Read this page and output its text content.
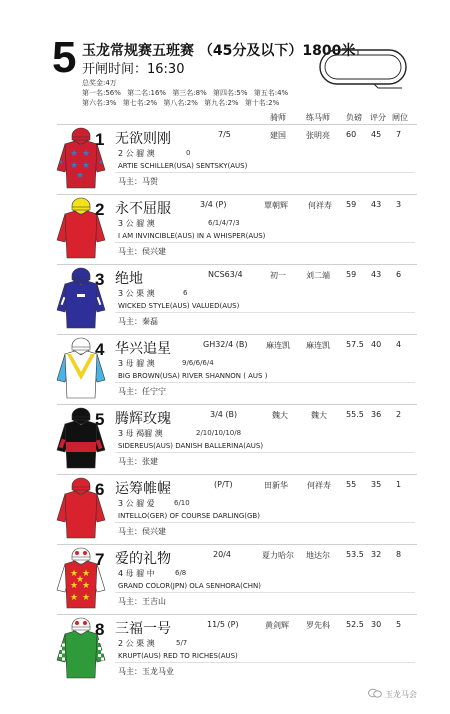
5 玉龙常规赛五班赛 （45分及以下）1800米
开闸时间：16:30
总奖金:4万
第一名:56% 第二名:16% 第三名:8% 第四名:5% 第五名:4%
第六名:3% 第七名:2% 第八名:2% 第九名:2% 第十名:2%
骑师	练马师 负磅 评分 闸位
★ ★
★ ★
★
★	★
1 无欲则刚	7/5	建国	张明亮 60 45 7
2 公 骝 澳	0
ARTIE SCHILLER(USA) SENTSKY(AUS)
马主：马贺
2 永不屈服	3/4 (P)	覃朝辉	何祥寿 59 43 3
3 公 骝 澳	6/1/4/7/3
I AM INVINCIBLE(AUS) IN A WHISPER(AUS)
马主：侯兴建
3 绝地	NCS63/4	初一	刘二端 59 43 6
3 公 栗 澳	6
WICKED STYLE(AUS) VALUED(AUS)
马主：秦磊
4 华兴追星	GH32/4 (B) 麻连凯 麻连凯 57.5 40 4
3 母 骝 澳	9/6/6/6/4
BIG BROWN(USA) RIVER SHANNON ( AUS )
马主：任宁宁
5 腾辉玫瑰	3/4 (B)	魏大	魏大 55.5 36 2
3 母 褐骝 澳	2/10/10/10/8
SIDEREUS(AUS) DANISH BALLERINA(AUS)
马主：张建
6 运筹帷幄	(P/T)	田新华 何祥寿 55 35 1
3 公 骝 爱	6/10
INTELLO(GER) OF COURSE DARLING(GB)
马主：侯兴建
★ ★
★ ★
★ ★
★
7 爱的礼物	20/4	夏力哈尔 地达尔 53.5 32 8
4 母 骝 中	6/8
GRAND COLOR(JPN) OLA SENHORA(CHN)
马主：王吉山
8 三福一号	11/5 (P)	黄剑辉 罗先科 52.5 30 5
2 公 栗 澳	5/7
KRUPT(AUS) RED TO RICHES(AUS)
马主：玉龙马业
玉龙马会
